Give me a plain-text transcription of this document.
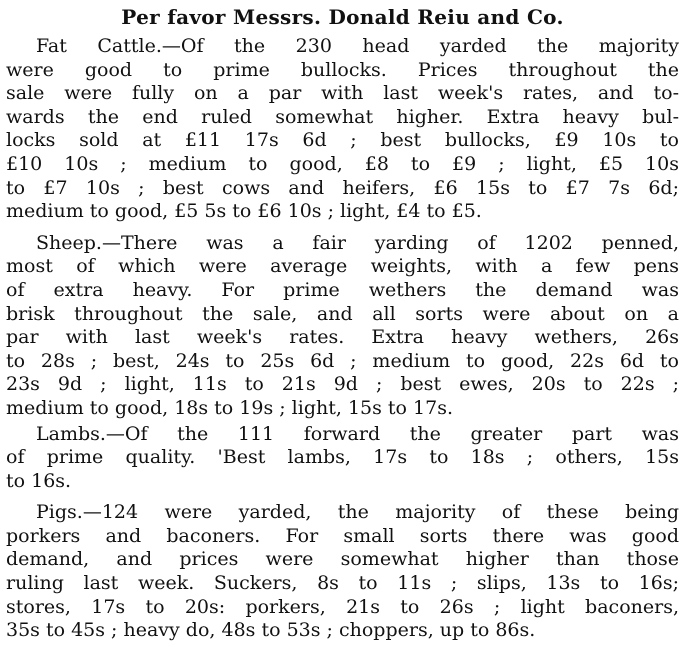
Per favor Messrs. Donald Reiu and Co.
Fat Cattle.—Of the 230 head yarded the majority
were good to prime bullocks. Prices throughout the
sale were fully on a par with last week's rates, and to-
wards the end ruled somewhat higher. Extra heavy bul-
locks sold at £11 17s 6d ; best bullocks, £9 10s to
£10 10s ; medium to good, £8 to £9 ; light, £5 10s
to £7 10s ; best cows and heifers, £6 15s to £7 7s 6d;
medium to good, £5 5s to £6 10s ; light, £4 to £5.
Sheep.—There was a fair yarding of 1202 penned,
most of which were average weights, with a few pens
of extra heavy. For prime wethers the demand was
brisk throughout the sale, and all sorts were about on a
par with last week's rates. Extra heavy wethers, 26s
to 28s ; best, 24s to 25s 6d ; medium to good, 22s 6d to
23s 9d ; light, 11s to 21s 9d ; best ewes, 20s to 22s ;
medium to good, 18s to 19s ; light, 15s to 17s.
Lambs.—Of the 111 forward the greater part was
of prime quality. 'Best lambs, 17s to 18s ; others, 15s
to 16s.
Pigs.—124 were yarded, the majority of these being
porkers and baconers. For small sorts there was good
demand, and prices were somewhat higher than those
ruling last week. Suckers, 8s to 11s ; slips, 13s to 16s;
stores, 17s to 20s: porkers, 21s to 26s ; light baconers,
35s to 45s ; heavy do, 48s to 53s ; choppers, up to 86s.
